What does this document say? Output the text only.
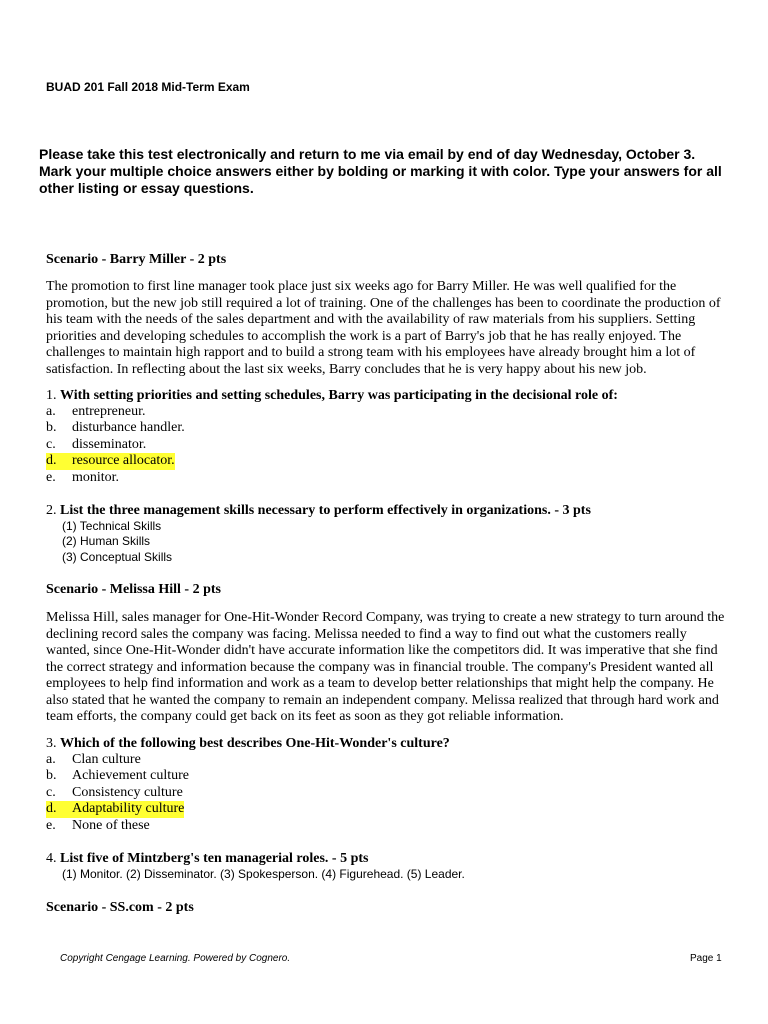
BUAD 201 Fall 2018 Mid-Term Exam
Please take this test electronically and return to me via email by end of day Wednesday, October 3.
Mark your multiple choice answers either by bolding or marking it with color. Type your answers for all
other listing or essay questions.
Scenario - Barry Miller - 2 pts
The promotion to first line manager took place just six weeks ago for Barry Miller. He was well qualified for the
promotion, but the new job still required a lot of training. One of the challenges has been to coordinate the production of
his team with the needs of the sales department and with the availability of raw materials from his suppliers. Setting
priorities and developing schedules to accomplish the work is a part of Barry's job that he has really enjoyed. The
challenges to maintain high rapport and to build a strong team with his employees have already brought him a lot of
satisfaction. In reflecting about the last six weeks, Barry concludes that he is very happy about his new job.
1. With setting priorities and setting schedules, Barry was participating in the decisional role of:
a.	entrepreneur.
b.	disturbance handler.
c.	disseminator.
d.	resource allocator.
e.	monitor.
2. List the three management skills necessary to perform effectively in organizations. - 3 pts
(1) Technical Skills
(2) Human Skills
(3) Conceptual Skills
Scenario - Melissa Hill - 2 pts
Melissa Hill, sales manager for One-Hit-Wonder Record Company, was trying to create a new strategy to turn around the
declining record sales the company was facing. Melissa needed to find a way to find out what the customers really
wanted, since One-Hit-Wonder didn't have accurate information like the competitors did. It was imperative that she find
the correct strategy and information because the company was in financial trouble. The company's President wanted all
employees to help find information and work as a team to develop better relationships that might help the company. He
also stated that he wanted the company to remain an independent company. Melissa realized that through hard work and
team efforts, the company could get back on its feet as soon as they got reliable information.
3. Which of the following best describes One-Hit-Wonder's culture?
a.	Clan culture
b.	Achievement culture
c.	Consistency culture
d.	Adaptability culture
e.	None of these
4. List five of Mintzberg's ten managerial roles. - 5 pts
(1) Monitor. (2) Disseminator. (3) Spokesperson. (4) Figurehead. (5) Leader.
Scenario - SS.com - 2 pts
Copyright Cengage Learning. Powered by Cognero.	Page 1
